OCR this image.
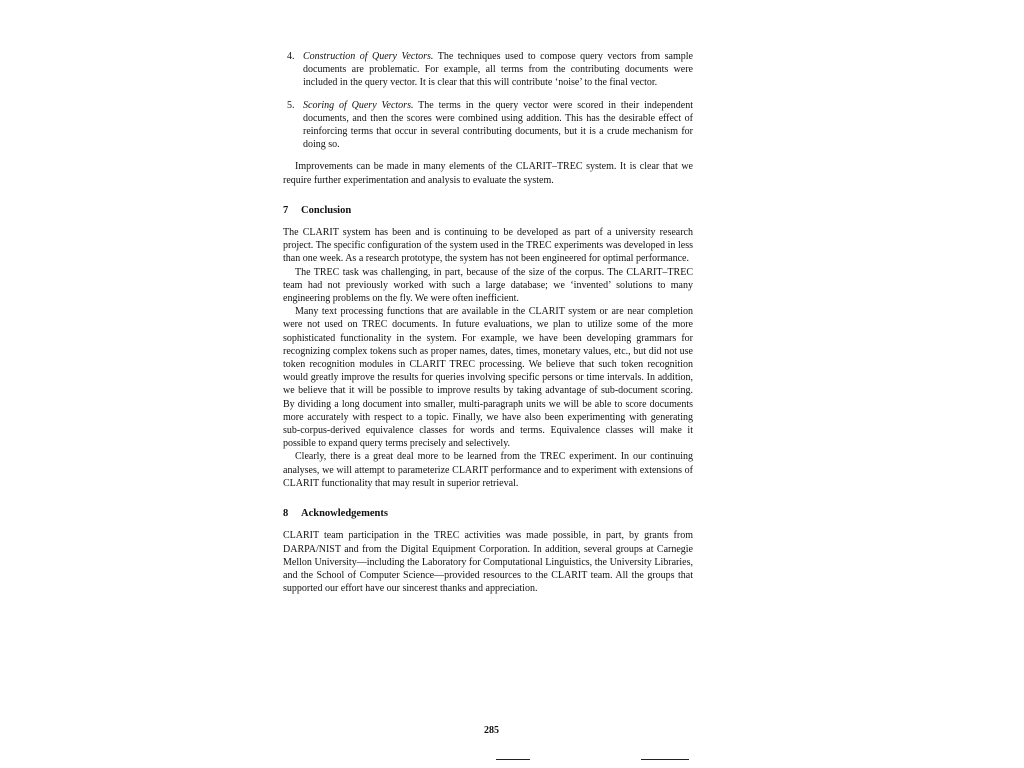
4. Construction of Query Vectors. The techniques used to compose query vectors from sample documents are problematic. For example, all terms from the contributing documents were included in the query vector. It is clear that this will contribute ‘noise’ to the final vector.
5. Scoring of Query Vectors. The terms in the query vector were scored in their independent documents, and then the scores were combined using addition. This has the desirable effect of reinforcing terms that occur in several contributing documents, but it is a crude mechanism for doing so.

Improvements can be made in many elements of the CLARIT–TREC system. It is clear that we require further experimentation and analysis to evaluate the system.

7 Conclusion

The CLARIT system has been and is continuing to be developed as part of a university research project. The specific configuration of the system used in the TREC experiments was developed in less than one week. As a research prototype, the system has not been engineered for optimal performance.

The TREC task was challenging, in part, because of the size of the corpus. The CLARIT–TREC team had not previously worked with such a large database; we ‘invented’ solutions to many engineering problems on the fly. We were often inefficient.

Many text processing functions that are available in the CLARIT system or are near completion were not used on TREC documents. In future evaluations, we plan to utilize some of the more sophisticated functionality in the system. For example, we have been developing grammars for recognizing complex tokens such as proper names, dates, times, monetary values, etc., but did not use token recognition modules in CLARIT TREC processing. We believe that such token recognition would greatly improve the results for queries involving specific persons or time intervals. In addition, we believe that it will be possible to improve results by taking advantage of sub-document scoring. By dividing a long document into smaller, multi-paragraph units we will be able to score documents more accurately with respect to a topic. Finally, we have also been experimenting with generating sub-corpus-derived equivalence classes for words and terms. Equivalence classes will make it possible to expand query terms precisely and selectively.

Clearly, there is a great deal more to be learned from the TREC experiment. In our continuing analyses, we will attempt to parameterize CLARIT performance and to experiment with extensions of CLARIT functionality that may result in superior retrieval.

8 Acknowledgements

CLARIT team participation in the TREC activities was made possible, in part, by grants from DARPA/NIST and from the Digital Equipment Corporation. In addition, several groups at Carnegie Mellon University—including the Laboratory for Computational Linguistics, the University Libraries, and the School of Computer Science—provided resources to the CLARIT team. All the groups that supported our effort have our sincerest thanks and appreciation.

285
